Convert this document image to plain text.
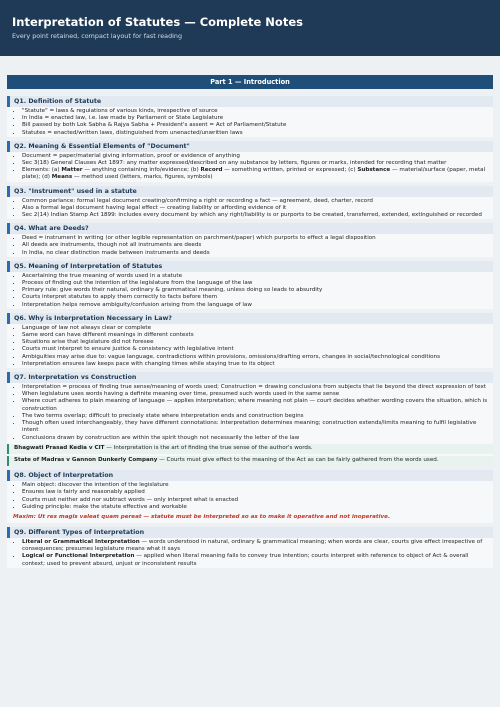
Interpretation of Statutes — Complete Notes
Every point retained, compact layout for fast reading
Part 1 — Introduction
Q1. Definition of Statute
• "Statute" = laws & regulations of various kinds, irrespective of source
• In India = enacted law, i.e. law made by Parliament or State Legislature
• Bill passed by both Lok Sabha & Rajya Sabha + President's assent = Act of Parliament/Statute
• Statutes = enacted/written laws, distinguished from unenacted/unwritten laws
Q2. Meaning & Essential Elements of "Document"
• Document = paper/material giving information, proof or evidence of anything
• Sec 3(18) General Clauses Act 1897: any matter expressed/described on any substance by letters, figures or marks, intended for recording that matter
• Elements: (a) Matter — anything containing info/evidence; (b) Record — something written, printed or expressed; (c) Substance — material/surface (paper, metal plate); (d) Means — method used (letters, marks, figures, symbols)
Q3. "Instrument" used in a statute
• Common parlance: formal legal document creating/confirming a right or recording a fact — agreement, deed, charter, record
• Also a formal legal document having legal effect — creating liability or affording evidence of it
• Sec 2(14) Indian Stamp Act 1899: includes every document by which any right/liability is or purports to be created, transferred, extended, extinguished or recorded
Q4. What are Deeds?
• Deed = instrument in writing (or other legible representation on parchment/paper) which purports to effect a legal disposition
• All deeds are instruments, though not all instruments are deeds
• In India, no clear distinction made between instruments and deeds
Q5. Meaning of Interpretation of Statutes
• Ascertaining the true meaning of words used in a statute
• Process of finding out the intention of the legislature from the language of the law
• Primary rule: give words their natural, ordinary & grammatical meaning, unless doing so leads to absurdity
• Courts interpret statutes to apply them correctly to facts before them
• Interpretation helps remove ambiguity/confusion arising from the language of law
Q6. Why is Interpretation Necessary in Law?
• Language of law not always clear or complete
• Same word can have different meanings in different contexts
• Situations arise that legislature did not foresee
• Courts must interpret to ensure justice & consistency with legislative intent
• Ambiguities may arise due to: vague language, contradictions within provisions, omissions/drafting errors, changes in social/technological conditions
• Interpretation ensures law keeps pace with changing times while staying true to its object
Q7. Interpretation vs Construction
• Interpretation = process of finding true sense/meaning of words used; Construction = drawing conclusions from subjects that lie beyond the direct expression of text
• When legislature uses words having a definite meaning over time, presumed such words used in the same sense
• Where court adheres to plain meaning of language — applies interpretation; where meaning not plain — court decides whether wording covers the situation, which is construction
• The two terms overlap; difficult to precisely state where interpretation ends and construction begins
• Though often used interchangeably, they have different connotations: interpretation determines meaning; construction extends/limits meaning to fulfil legislative intent
• Conclusions drawn by construction are within the spirit though not necessarily the letter of the law
Bhagwati Prasad Kedia v CIT — Interpretation is the art of finding the true sense of the author's words.
State of Madras v Gannon Dunkerly Company — Courts must give effect to the meaning of the Act as can be fairly gathered from the words used.
Q8. Object of Interpretation
• Main object: discover the intention of the legislature
• Ensures law is fairly and reasonably applied
• Courts must neither add nor subtract words — only interpret what is enacted
• Guiding principle: make the statute effective and workable
Maxim: Ut res magis valeat quam pereat — statute must be interpreted so as to make it operative and not inoperative.
Q9. Different Types of Interpretation
• Literal or Grammatical Interpretation — words understood in natural, ordinary & grammatical meaning; when words are clear, courts give effect irrespective of consequences; presumes legislature means what it says
• Logical or Functional Interpretation — applied when literal meaning fails to convey true intention; courts interpret with reference to object of Act & overall context; used to prevent absurd, unjust or inconsistent results
